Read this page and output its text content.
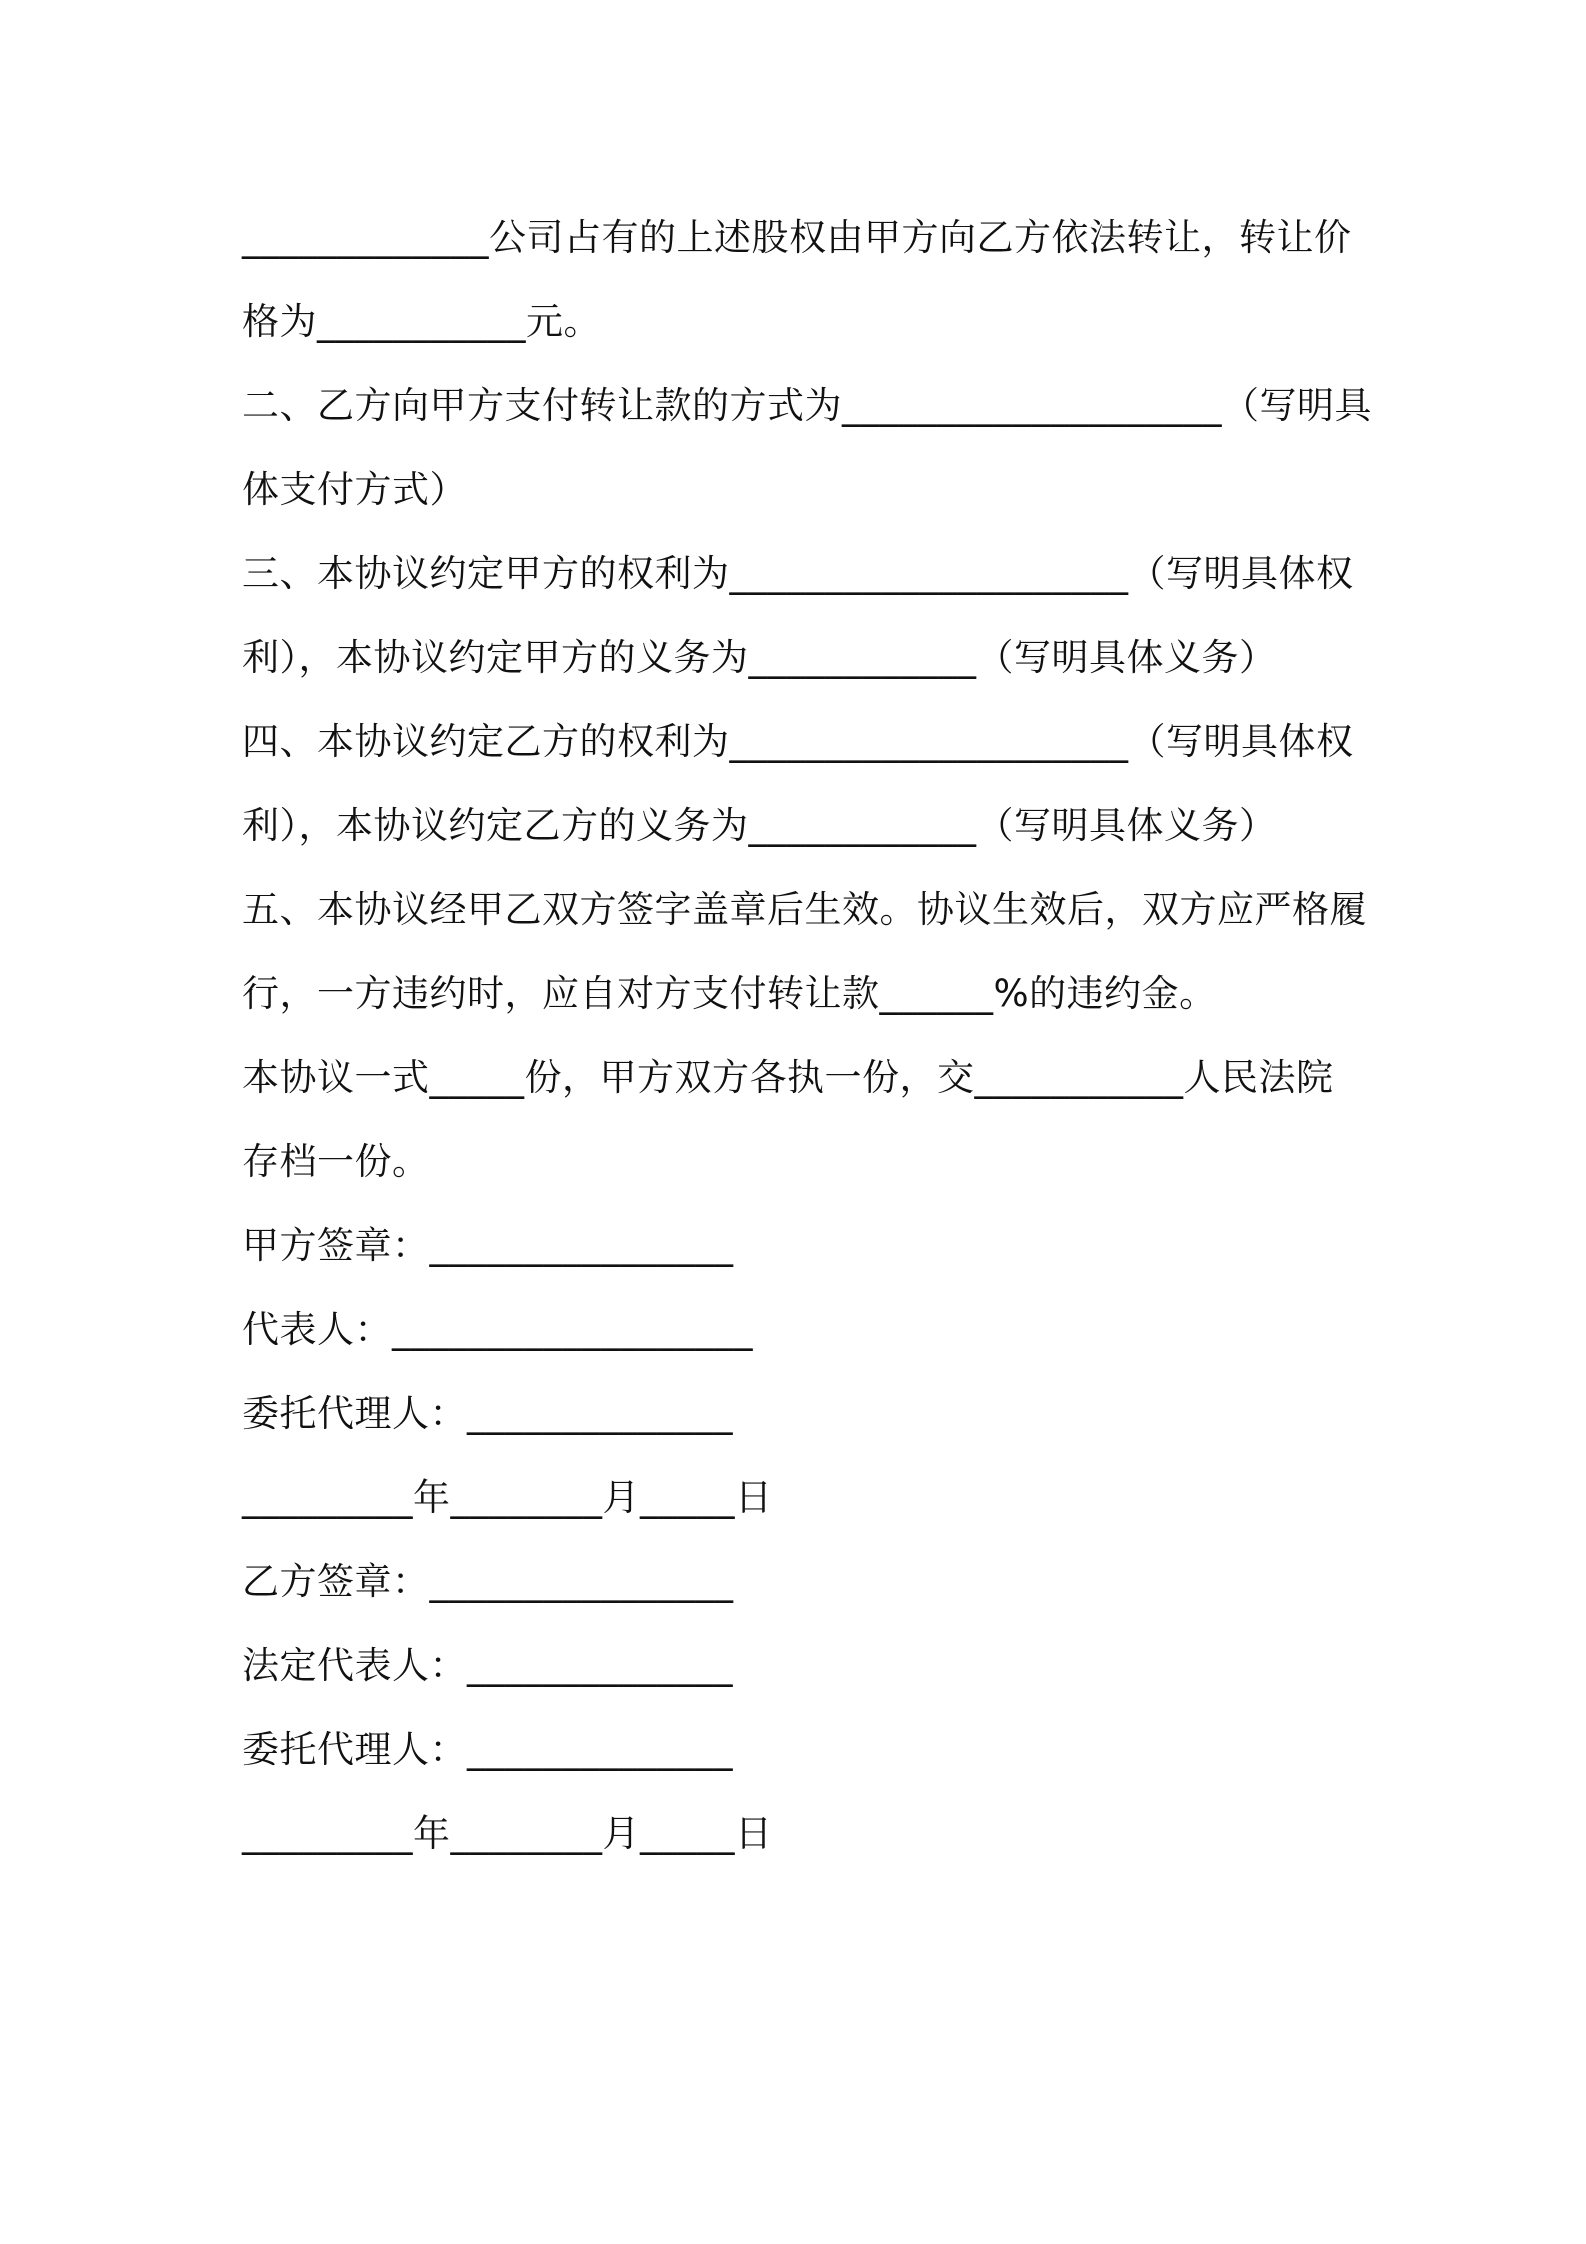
_____________公司占有的上述股权由甲方向乙方依法转让，转让价
格为___________元。
二、乙方向甲方支付转让款的方式为____________________（写明具
体支付方式）
三、本协议约定甲方的权利为_____________________（写明具体权
利），本协议约定甲方的义务为____________（写明具体义务）
四、本协议约定乙方的权利为_____________________（写明具体权
利），本协议约定乙方的义务为____________（写明具体义务）
五、本协议经甲乙双方签字盖章后生效。协议生效后，双方应严格履
行，一方违约时，应自对方支付转让款______%的违约金。
本协议一式_____份，甲方双方各执一份，交___________人民法院
存档一份。
甲方签章：________________
代表人：___________________
委托代理人：______________
_________年________月_____日
乙方签章：________________
法定代表人：______________
委托代理人：______________
_________年________月_____日
